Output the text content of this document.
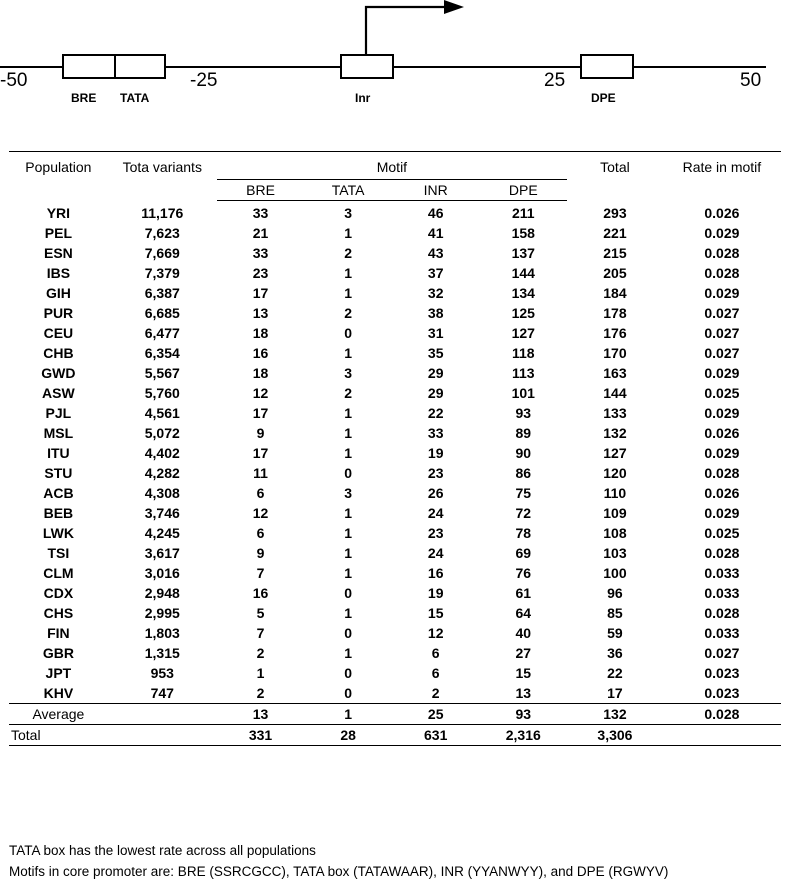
-50	-25	25	50
BRE TATA	Inr	DPE
Population	Tota variants	Motif				Total	Rate in motif
		BRE	TATA	INR	DPE		
YRI	11,176	33	3	46	211	293	0.026
PEL	7,623	21	1	41	158	221	0.029
ESN	7,669	33	2	43	137	215	0.028
IBS	7,379	23	1	37	144	205	0.028
GIH	6,387	17	1	32	134	184	0.029
PUR	6,685	13	2	38	125	178	0.027
CEU	6,477	18	0	31	127	176	0.027
CHB	6,354	16	1	35	118	170	0.027
GWD	5,567	18	3	29	113	163	0.029
ASW	5,760	12	2	29	101	144	0.025
PJL	4,561	17	1	22	93	133	0.029
MSL	5,072	9	1	33	89	132	0.026
ITU	4,402	17	1	19	90	127	0.029
STU	4,282	11	0	23	86	120	0.028
ACB	4,308	6	3	26	75	110	0.026
BEB	3,746	12	1	24	72	109	0.029
LWK	4,245	6	1	23	78	108	0.025
TSI	3,617	9	1	24	69	103	0.028
CLM	3,016	7	1	16	76	100	0.033
CDX	2,948	16	0	19	61	96	0.033
CHS	2,995	5	1	15	64	85	0.028
FIN	1,803	7	0	12	40	59	0.033
GBR	1,315	2	1	6	27	36	0.027
JPT	953	1	0	6	15	22	0.023
KHV	747	2	0	2	13	17	0.023
Average		13	1	25	93	132	0.028
Total		331	28	631	2,316	3,306	
TATA box has the lowest rate across all populations
Motifs in core promoter are: BRE (SSRCGCC), TATA box (TATAWAAR), INR (YYANWYY), and DPE (RGWYV)
